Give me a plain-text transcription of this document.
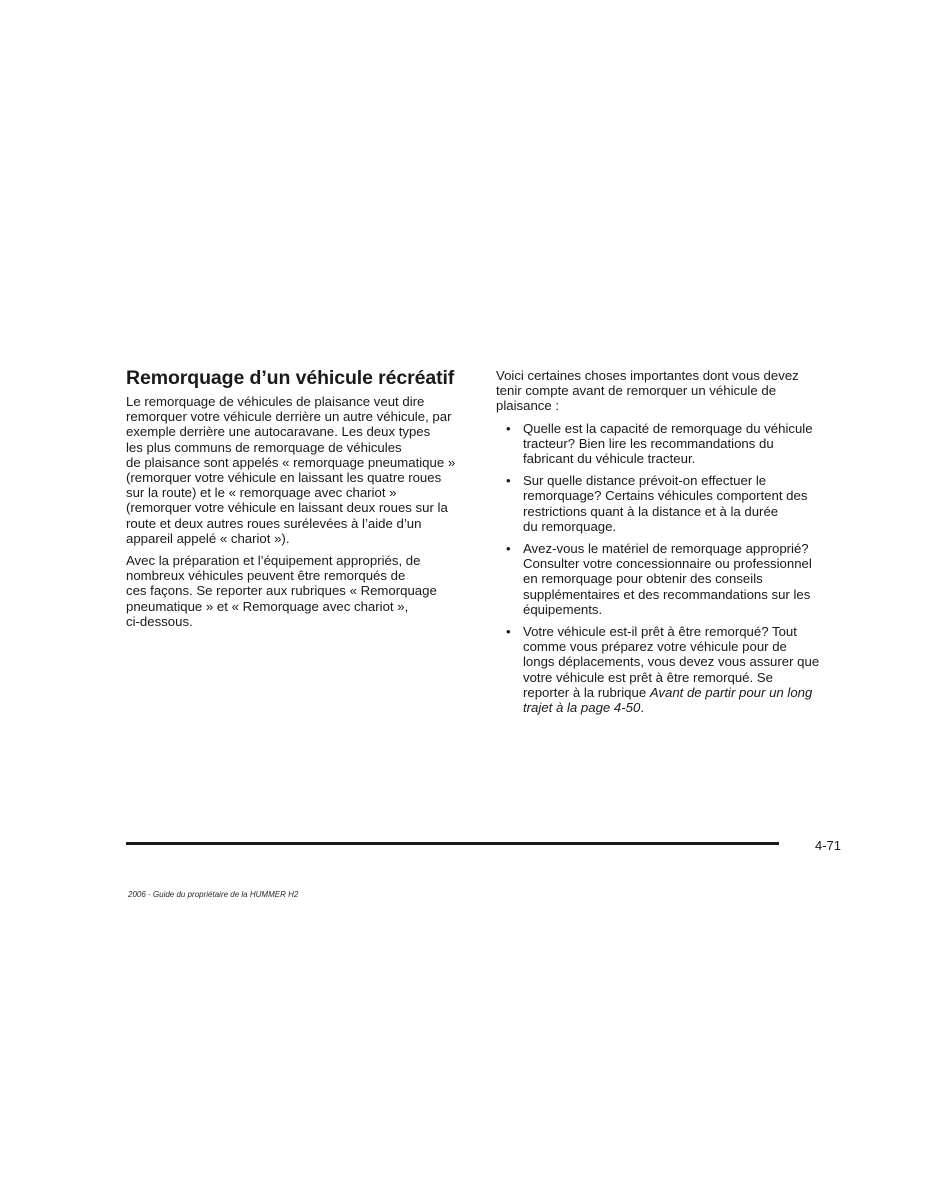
Remorquage d’un véhicule récréatif

Le remorquage de véhicules de plaisance veut dire
remorquer votre véhicule derrière un autre véhicule, par
exemple derrière une autocaravane. Les deux types
les plus communs de remorquage de véhicules
de plaisance sont appelés « remorquage pneumatique »
(remorquer votre véhicule en laissant les quatre roues
sur la route) et le « remorquage avec chariot »
(remorquer votre véhicule en laissant deux roues sur la
route et deux autres roues surélevées à l’aide d’un
appareil appelé « chariot »).

Avec la préparation et l’équipement appropriés, de
nombreux véhicules peuvent être remorqués de
ces façons. Se reporter aux rubriques « Remorquage
pneumatique » et « Remorquage avec chariot »,
ci-dessous.

Voici certaines choses importantes dont vous devez
tenir compte avant de remorquer un véhicule de
plaisance :

• Quelle est la capacité de remorquage du véhicule
tracteur? Bien lire les recommandations du
fabricant du véhicule tracteur.
• Sur quelle distance prévoit-on effectuer le
remorquage? Certains véhicules comportent des
restrictions quant à la distance et à la durée
du remorquage.
• Avez-vous le matériel de remorquage approprié?
Consulter votre concessionnaire ou professionnel
en remorquage pour obtenir des conseils
supplémentaires et des recommandations sur les
équipements.
• Votre véhicule est-il prêt à être remorqué? Tout
comme vous préparez votre véhicule pour de
longs déplacements, vous devez vous assurer que
votre véhicule est prêt à être remorqué. Se
reporter à la rubrique Avant de partir pour un long
trajet à la page 4-50.
4-71
2006 - Guide du propriétaire de la HUMMER H2
